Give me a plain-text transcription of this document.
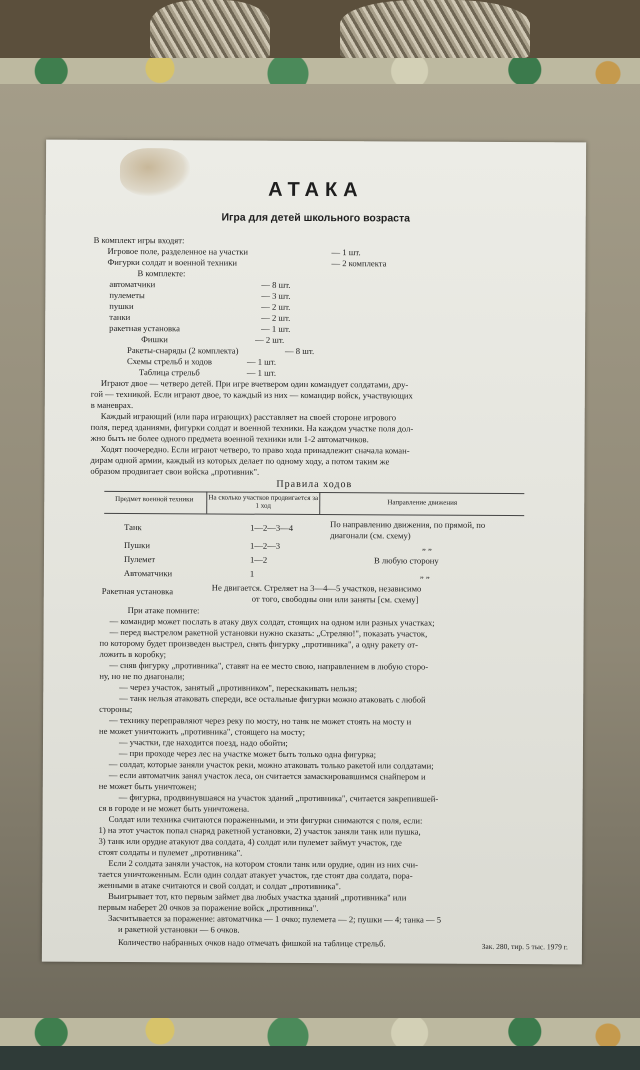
АТАКА
Игра для детей школьного возраста
В комплект игры входят:
Игровое поле, разделенное на участки	— 1 шт.
Фигурки солдат и военной техники	— 2 комплекта
В комплекте:
автоматчики	— 8 шт.
пулеметы	— 3 шт.
пушки	— 2 шт.
танки	— 2 шт.
ракетная установка	— 1 шт.
Фишки	— 2 шт.
Ракеты-снаряды (2 комплекта)	— 8 шт.
Схемы стрельб и ходов	— 1 шт.
Таблица стрельб	— 1 шт.
Играют двое — четверо детей. При игре вчетвером один командует солдатами, дру-
гой — техникой. Если играют двое, то каждый из них — командир войск, участвующих
в маневрах.
Каждый играющий (или пара играющих) расставляет на своей стороне игрового
поля, перед зданиями, фигурки солдат и военной техники. На каждом участке поля дол-
жно быть не более одного предмета военной техники или 1-2 автоматчиков.
Ходят поочередно. Если играют четверо, то право хода принадлежит сначала коман-
дирам одной армии, каждый из которых делает по одному ходу, а потом таким же
образом продвигает свои войска „противник".
Правила ходов
Предмет военной техники	На сколько участков продвигается за 1 ход	Направление движения
Танк	1—2—3—4	По направлению движения, по прямой, по
диагонали (см. схему)
Пушки	1—2—3	„ „
Пулемет	1—2	В любую сторону
Автоматчики	1	„ „
Ракетная установка	Не двигается. Стреляет на 3—4—5 участков, независимо
от того, свободны они или заняты [см. схему]
При атаке помните:
— командир может послать в атаку двух солдат, стоящих на одном или разных участках;
— перед выстрелом ракетной установки нужно сказать: „Стреляю!", показать участок,
по которому будет произведен выстрел, снять фигурку „противника", а одну ракету от-
ложить в коробку;
— сняв фигурку „противника", ставят на ее место свою, направлением в любую сторо-
ну, но не по диагонали;
— через участок, занятый „противником", перескакивать нельзя;
— танк нельзя атаковать спереди, все остальные фигурки можно атаковать с любой
стороны;
— технику переправляют через реку по мосту, но танк не может стоять на мосту и
не может уничтожить „противника", стоящего на мосту;
— участки, где находится поезд, надо обойти;
— при проходе через лес на участке может быть только одна фигурка;
— солдат, которые заняли участок реки, можно атаковать только ракетой или солдатами;
— если автоматчик занял участок леса, он считается замаскировавшимся снайпером и
не может быть уничтожен;
— фигурка, продвинувшаяся на участок зданий „противника", считается закрепившей-
ся в городе и не может быть уничтожена.
Солдат или техника считаются пораженными, и эти фигурки снимаются с поля, если:
1) на этот участок попал снаряд ракетной установки, 2) участок заняли танк или пушка,
3) танк или орудие атакуют два солдата, 4) солдат или пулемет займут участок, где
стоят солдаты и пулемет „противника".
Если 2 солдата заняли участок, на котором стояли танк или орудие, один из них счи-
тается уничтоженным. Если один солдат атакует участок, где стоят два солдата, пора-
женными в атаке считаются и свой солдат, и солдат „противника".
Выигрывает тот, кто первым займет два любых участка зданий „противника" или
первым наберет 20 очков за поражение войск „противника".
Засчитывается за поражение: автоматчика — 1 очко; пулемета — 2; пушки — 4; танка — 5
и ракетной установки — 6 очков.
Количество набранных очков надо отмечать фишкой на таблице стрельб.	Зак. 280, тир. 5 тыс. 1979 г.
